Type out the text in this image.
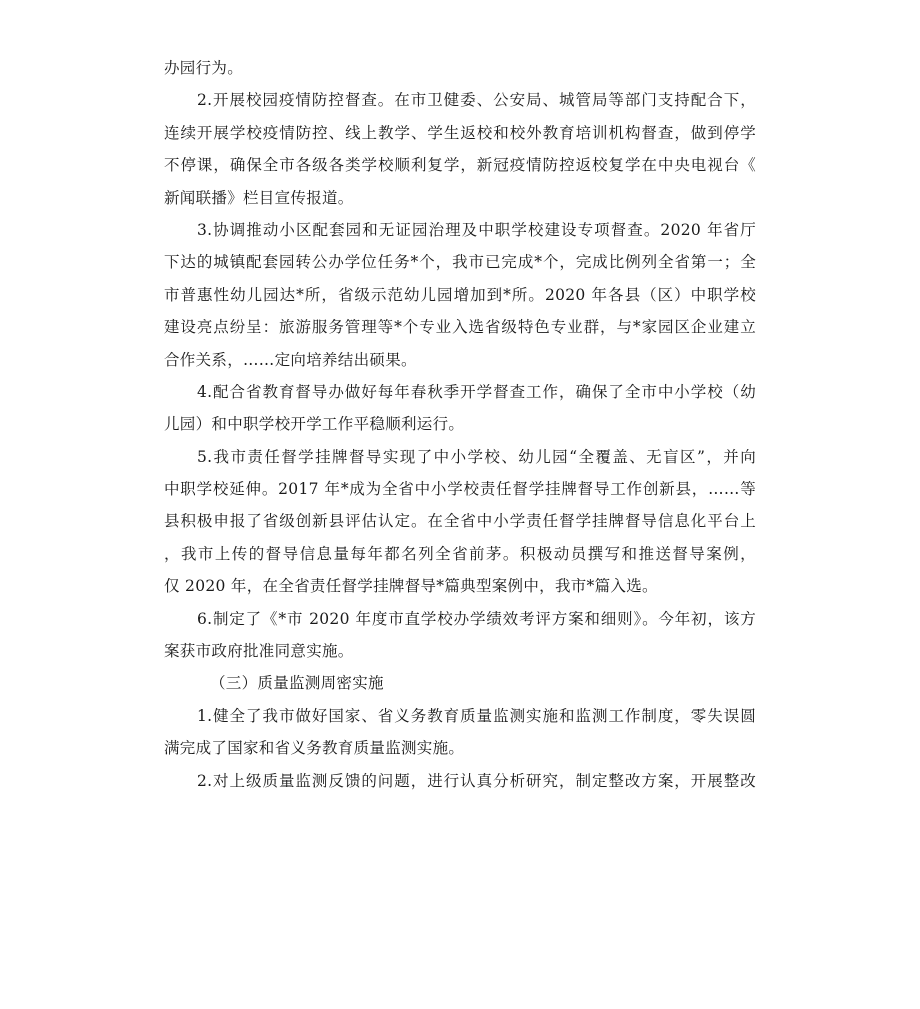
办园行为。
2.开展校园疫情防控督查。在市卫健委、公安局、城管局等部门支持配合下，
连续开展学校疫情防控、线上教学、学生返校和校外教育培训机构督查，做到停学
不停课，确保全市各级各类学校顺利复学，新冠疫情防控返校复学在中央电视台《
新闻联播》栏目宣传报道。
3.协调推动小区配套园和无证园治理及中职学校建设专项督查。2020 年省厅
下达的城镇配套园转公办学位任务*个，我市已完成*个，完成比例列全省第一；全
市普惠性幼儿园达*所，省级示范幼儿园增加到*所。2020 年各县（区）中职学校
建设亮点纷呈：旅游服务管理等*个专业入选省级特色专业群，与*家园区企业建立
合作关系，……定向培养结出硕果。
4.配合省教育督导办做好每年春秋季开学督查工作，确保了全市中小学校（幼
儿园）和中职学校开学工作平稳顺利运行。
5.我市责任督学挂牌督导实现了中小学校、幼儿园“全覆盖、无盲区”，并向
中职学校延伸。2017 年*成为全省中小学校责任督学挂牌督导工作创新县，……等
县积极申报了省级创新县评估认定。在全省中小学责任督学挂牌督导信息化平台上
，我市上传的督导信息量每年都名列全省前茅。积极动员撰写和推送督导案例，
仅 2020 年，在全省责任督学挂牌督导*篇典型案例中，我市*篇入选。
6.制定了《*市 2020 年度市直学校办学绩效考评方案和细则》。今年初，该方
案获市政府批准同意实施。
（三）质量监测周密实施
1.健全了我市做好国家、省义务教育质量监测实施和监测工作制度，零失误圆
满完成了国家和省义务教育质量监测实施。
2.对上级质量监测反馈的问题，进行认真分析研究，制定整改方案，开展整改
